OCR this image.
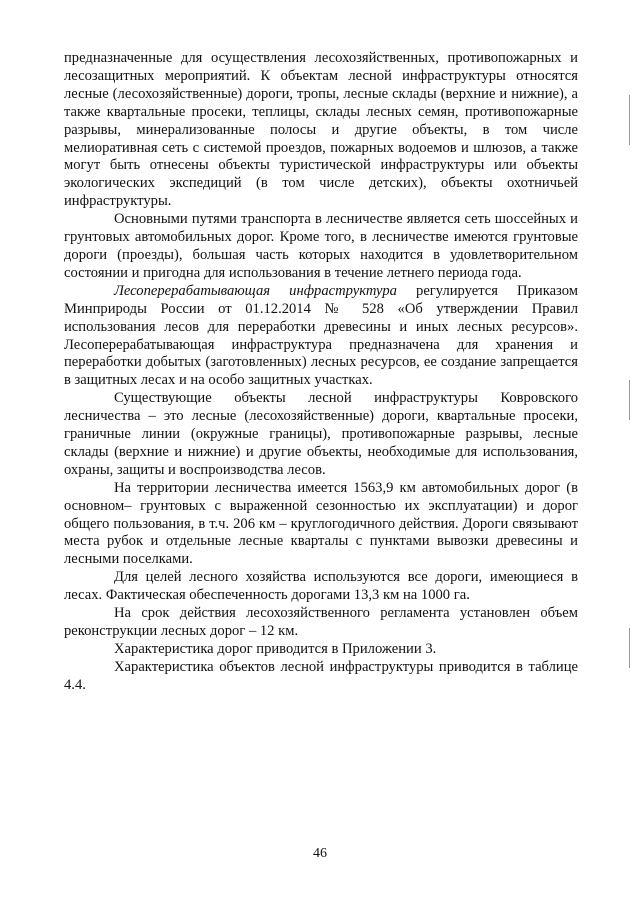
предназначенные для осуществления лесохозяйственных, противопожарных и лесозащитных мероприятий. К объектам лесной инфраструктуры относятся лесные (лесохозяйственные) дороги, тропы, лесные склады (верхние и нижние), а также квартальные просеки, теплицы, склады лесных семян, противопожарные разрывы, минерализованные полосы и другие объекты, в том числе мелиоративная сеть с системой проездов, пожарных водоемов и шлюзов, а также могут быть отнесены объекты туристической инфраструктуры или объекты экологических экспедиций (в том числе детских), объекты охотничьей инфраструктуры.

Основными путями транспорта в лесничестве является сеть шоссейных и грунтовых автомобильных дорог. Кроме того, в лесничестве имеются грунтовые дороги (проезды), большая часть которых находится в удовлетворительном состоянии и пригодна для использования в течение летнего периода года.

Лесоперерабатывающая инфраструктура регулируется Приказом Минприроды России от 01.12.2014 № 528 «Об утверждении Правил использования лесов для переработки древесины и иных лесных ресурсов». Лесоперерабатывающая инфраструктура предназначена для хранения и переработки добытых (заготовленных) лесных ресурсов, ее создание запрещается в защитных лесах и на особо защитных участках.

Существующие объекты лесной инфраструктуры Ковровского лесничества – это лесные (лесохозяйственные) дороги, квартальные просеки, граничные линии (окружные границы), противопожарные разрывы, лесные склады (верхние и нижние) и другие объекты, необходимые для использования, охраны, защиты и воспроизводства лесов.

На территории лесничества имеется 1563,9 км автомобильных дорог (в основном– грунтовых с выраженной сезонностью их эксплуатации) и дорог общего пользования, в т.ч. 206 км – круглогодичного действия. Дороги связывают места рубок и отдельные лесные кварталы с пунктами вывозки древесины и лесными поселками.

Для целей лесного хозяйства используются все дороги, имеющиеся в лесах. Фактическая обеспеченность дорогами 13,3 км на 1000 га.

На срок действия лесохозяйственного регламента установлен объем реконструкции лесных дорог – 12 км.

Характеристика дорог приводится в Приложении 3.

Характеристика объектов лесной инфраструктуры приводится в таблице 4.4.

46
